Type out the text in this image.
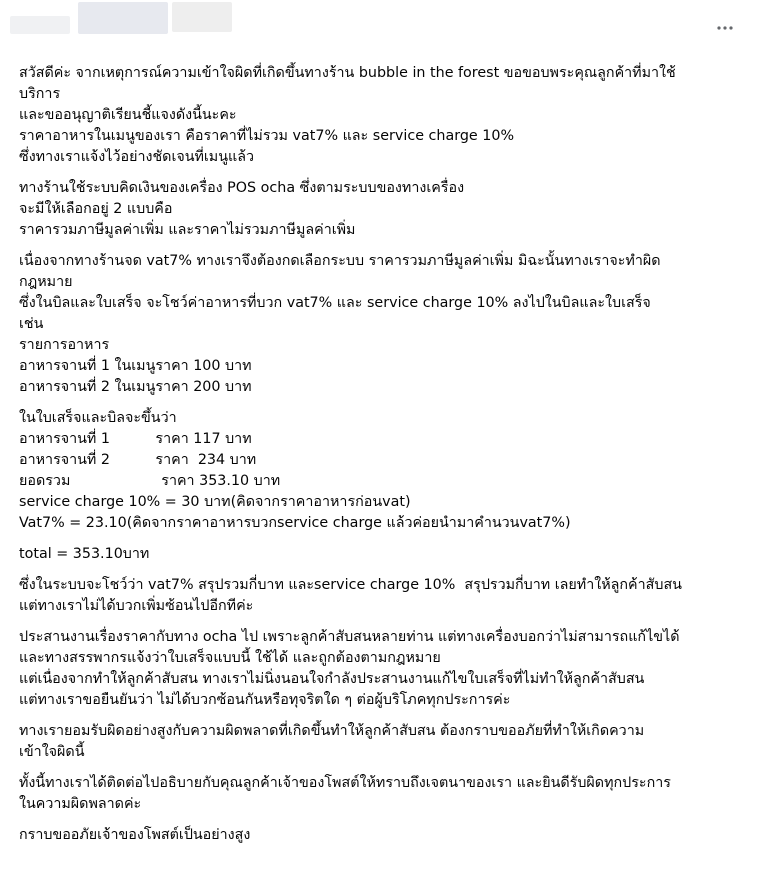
สวัสดีค่ะ จากเหตุการณ์ความเข้าใจผิดที่เกิดขึ้นทางร้าน bubble in the forest ขอขอบพระคุณลูกค้าที่มาใช้
บริการ
และขออนุญาติเรียนชี้แจงดังนี้นะคะ
ราคาอาหารในเมนูของเรา คือราคาที่ไม่รวม vat7% และ service charge 10%
ซึ่งทางเราแจ้งไว้อย่างชัดเจนที่เมนูแล้ว
ทางร้านใช้ระบบคิดเงินของเครื่อง POS ocha ซึ่งตามระบบของทางเครื่อง
จะมีให้เลือกอยู่ 2 แบบคือ
ราคารวมภาษีมูลค่าเพิ่ม และราคาไม่รวมภาษีมูลค่าเพิ่ม
เนื่องจากทางร้านจด vat7% ทางเราจึงต้องกดเลือกระบบ ราคารวมภาษีมูลค่าเพิ่ม มิฉะนั้นทางเราจะทำผิด
กฎหมาย
ซึ่งในบิลและใบเสร็จ จะโชว์ค่าอาหารที่บวก vat7% และ service charge 10% ลงไปในบิลและใบเสร็จ
เช่น
รายการอาหาร
อาหารจานที่ 1 ในเมนูราคา 100 บาท
อาหารจานที่ 2 ในเมนูราคา 200 บาท
ในใบเสร็จและบิลจะขึ้นว่า
อาหารจานที่ 1          ราคา 117 บาท
อาหารจานที่ 2          ราคา  234 บาท
ยอดรวม                    ราคา 353.10 บาท
service charge 10% = 30 บาท(คิดจากราคาอาหารก่อนvat)
Vat7% = 23.10(คิดจากราคาอาหารบวกservice charge แล้วค่อยนำมาคำนวนvat7%)
total = 353.10บาท
ซึ่งในระบบจะโชว์ว่า vat7% สรุปรวมกี่บาท และservice charge 10%  สรุปรวมกี่บาท เลยทำให้ลูกค้าสับสน
แต่ทางเราไม่ได้บวกเพิ่มซ้อนไปอีกทีค่ะ
ประสานงานเรื่องราคากับทาง ocha ไป เพราะลูกค้าสับสนหลายท่าน แต่ทางเครื่องบอกว่าไม่สามารถแก้ไขได้
และทางสรรพากรแจ้งว่าใบเสร็จแบบนี้ ใช้ได้ และถูกต้องตามกฎหมาย
แต่เนื่องจากทำให้ลูกค้าสับสน ทางเราไม่นิ่งนอนใจกำลังประสานงานแก้ไขใบเสร็จที่ไม่ทำให้ลูกค้าสับสน
แต่ทางเราขอยืนยันว่า ไม่ได้บวกซ้อนกันหรือทุจริตใด ๆ ต่อผู้บริโภคทุกประการค่ะ
ทางเรายอมรับผิดอย่างสูงกับความผิดพลาดที่เกิดขึ้นทำให้ลูกค้าสับสน ต้องกราบขออภัยที่ทำให้เกิดความ
เข้าใจผิดนี้
ทั้งนี้ทางเราได้ติดต่อไปอธิบายกับคุณลูกค้าเจ้าของโพสต์ให้ทราบถึงเจตนาของเรา และยินดีรับผิดทุกประการ
ในความผิดพลาดค่ะ
กราบขออภัยเจ้าของโพสต์เป็นอย่างสูง
